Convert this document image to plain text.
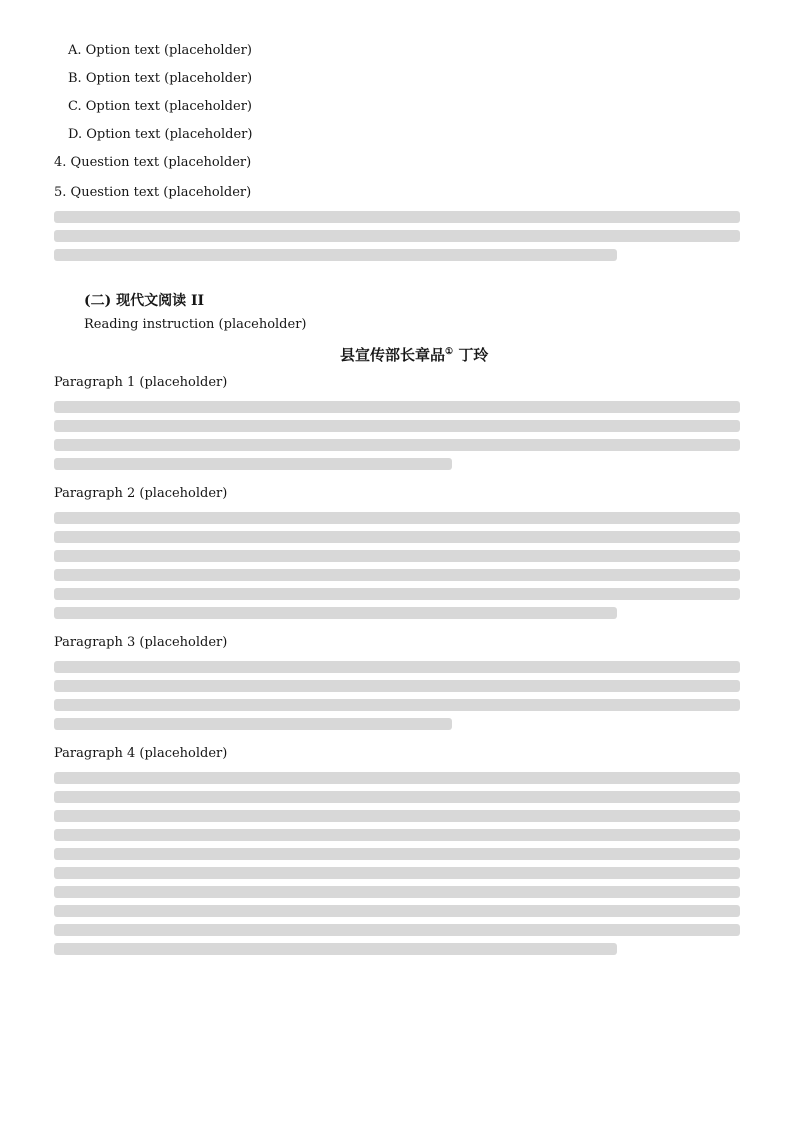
A. Option text (placeholder)
B. Option text (placeholder)
C. Option text (placeholder)
D. Option text (placeholder)
4. Question text (placeholder)
5. Question text (placeholder)
(二) 现代文阅读 II
Reading instruction (placeholder)
县宣传部长章品① 丁玲
Paragraph 1 (placeholder)
Paragraph 2 (placeholder)
Paragraph 3 (placeholder)
Paragraph 4 (placeholder)
